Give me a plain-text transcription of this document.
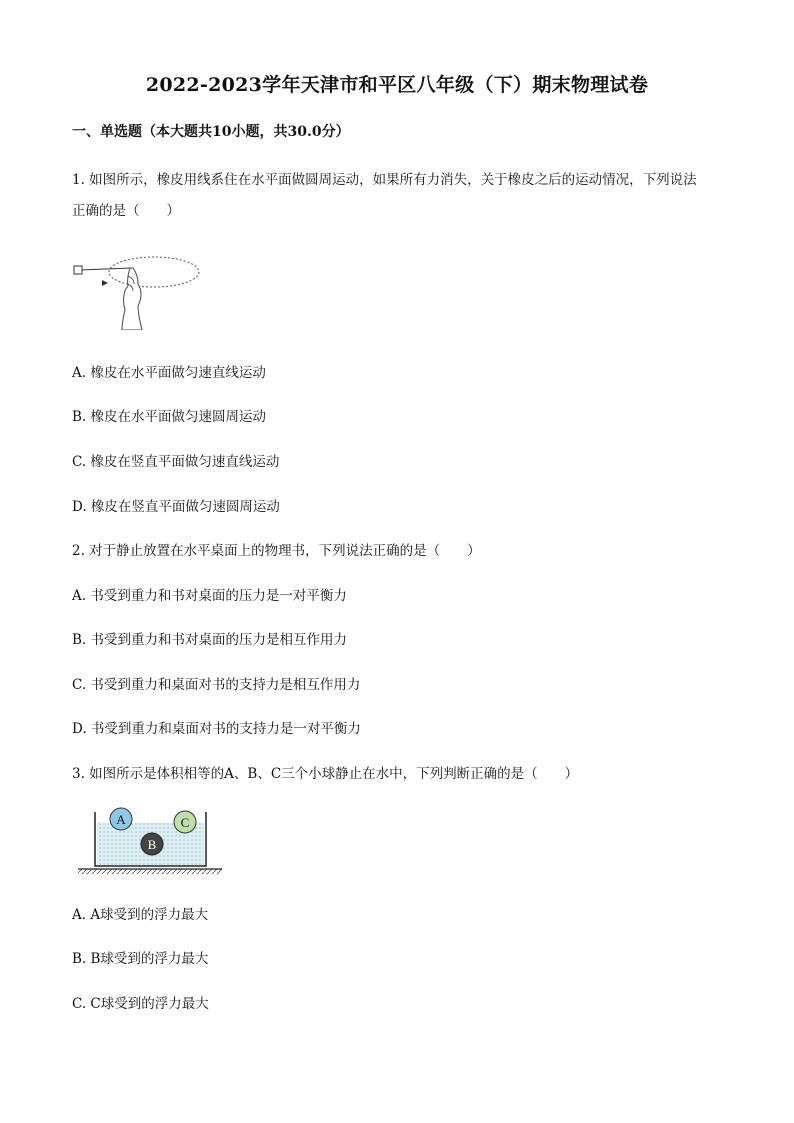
2022-2023学年天津市和平区八年级（下）期末物理试卷
一、单选题（本大题共10小题，共30.0分）
1. 如图所示，橡皮用线系住在水平面做圆周运动，如果所有力消失，关于橡皮之后的运动情况，下列说法
正确的是（　　）
A. 橡皮在水平面做匀速直线运动
B. 橡皮在水平面做匀速圆周运动
C. 橡皮在竖直平面做匀速直线运动
D. 橡皮在竖直平面做匀速圆周运动
2. 对于静止放置在水平桌面上的物理书，下列说法正确的是（　　）
A. 书受到重力和书对桌面的压力是一对平衡力
B. 书受到重力和书对桌面的压力是相互作用力
C. 书受到重力和桌面对书的支持力是相互作用力
D. 书受到重力和桌面对书的支持力是一对平衡力
3. 如图所示是体积相等的A、B、C三个小球静止在水中，下列判断正确的是（　　）
A
B
C
A. A球受到的浮力最大
B. B球受到的浮力最大
C. C球受到的浮力最大
